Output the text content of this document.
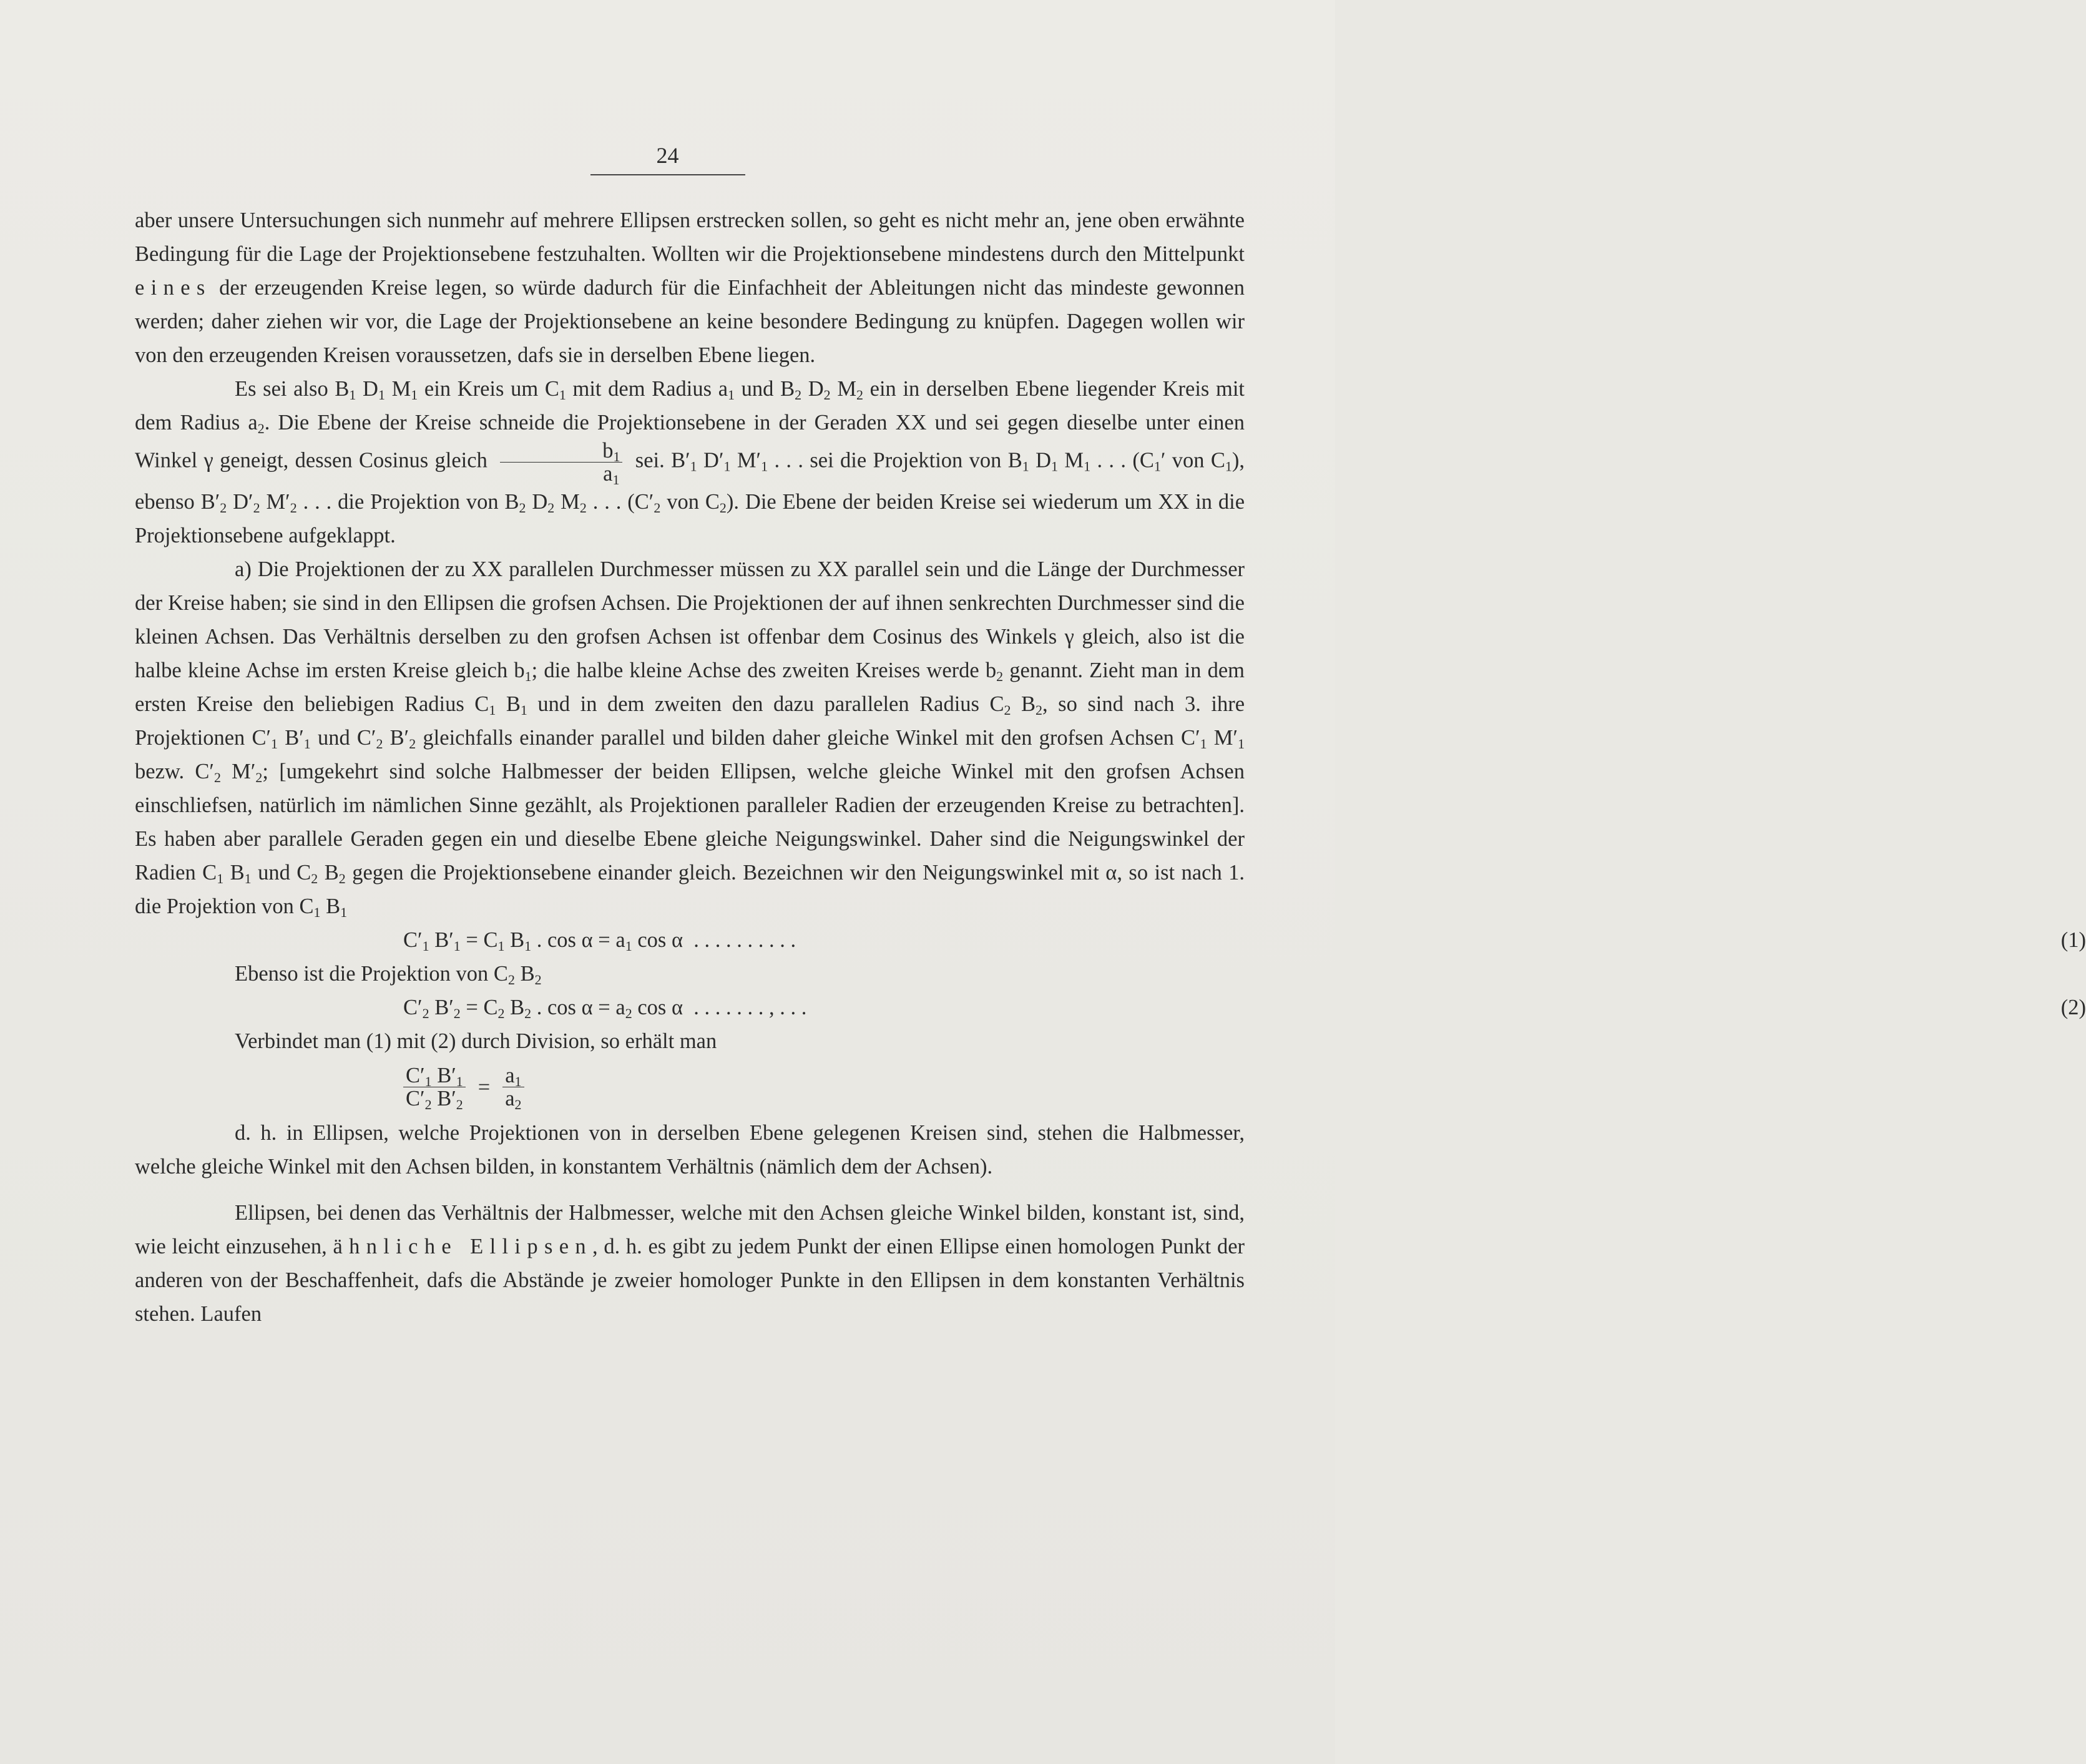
24

aber unsere Untersuchungen sich nunmehr auf mehrere Ellipsen erstrecken sollen, so geht es nicht mehr an, jene oben erwähnte Bedingung für die Lage der Projektionsebene festzuhalten. Wollten wir die Projektionsebene mindestens durch den Mittelpunkt eines der erzeugenden Kreise legen, so würde dadurch für die Einfachheit der Ableitungen nicht das mindeste gewonnen werden; daher ziehen wir vor, die Lage der Projektionsebene an keine besondere Bedingung zu knüpfen. Dagegen wollen wir von den erzeugenden Kreisen voraussetzen, dafs sie in derselben Ebene liegen.

Es sei also $B_1$ $D_1$ $M_1$ ein Kreis um $C_1$ mit dem Radius $a_1$ und $B_2$ $D_2$ $M_2$ ein in derselben Ebene liegender Kreis mit dem Radius $a_2$. Die Ebene der Kreise schneide die Projektionsebene in der Geraden XX und sei gegen dieselbe unter einen Winkel γ geneigt, dessen Cosinus gleich $\frac{b_1}{a_1}$ sei. $B'_1$ $D'_1$ $M'_1$ . . . sei die Projektion von $B_1$ $D_1$ $M_1$ . . . ($C_1'$ von $C_1$), ebenso $B'_2$ $D'_2$ $M'_2$ . . . die Projektion von $B_2$ $D_2$ $M_2$ . . . ($C'_2$ von $C_2$). Die Ebene der beiden Kreise sei wiederum um XX in die Projektionsebene aufgeklappt.

a) Die Projektionen der zu XX parallelen Durchmesser müssen zu XX parallel sein und die Länge der Durchmesser der Kreise haben; sie sind in den Ellipsen die grofsen Achsen. Die Projektionen der auf ihnen senkrechten Durchmesser sind die kleinen Achsen. Das Verhältnis derselben zu den grofsen Achsen ist offenbar dem Cosinus des Winkels γ gleich, also ist die halbe kleine Achse im ersten Kreise gleich $b_1$; die halbe kleine Achse des zweiten Kreises werde $b_2$ genannt. Zieht man in dem ersten Kreise den beliebigen Radius $C_1$ $B_1$ und in dem zweiten den dazu parallelen Radius $C_2$ $B_2$, so sind nach 3. ihre Projektionen $C'_1$ $B'_1$ und $C'_2$ $B'_2$ gleichfalls einander parallel und bilden daher gleiche Winkel mit den grofsen Achsen $C'_1$ $M'_1$ bezw. $C'_2$ $M'_2$; [umgekehrt sind solche Halbmesser der beiden Ellipsen, welche gleiche Winkel mit den grofsen Achsen einschliefsen, natürlich im nämlichen Sinne gezählt, als Projektionen paralleler Radien der erzeugenden Kreise zu betrachten]. Es haben aber parallele Geraden gegen ein und dieselbe Ebene gleiche Neigungswinkel. Daher sind die Neigungswinkel der Radien $C_1$ $B_1$ und $C_2$ $B_2$ gegen die Projektionsebene einander gleich. Bezeichnen wir den Neigungswinkel mit α, so ist nach 1. die Projektion von $C_1$ $B_1$

$C'_1$ $B'_1 = C_1$ $B_1$ . $\cos \alpha = a_1$ cos α  . . . . . . . . . .	(1)

Ebenso ist die Projektion von $C_2$ $B_2$

$C'_2$ $B'_2 = C_2$ $B_2$ . $\cos \alpha = a_2$ cos α  . . . . . . . , . . .	(2)

Verbindet man (1) mit (2) durch Division, so erhält man

$\frac{C'_1 B'_1}{C'_2 B'_2} = \frac{a_1}{a_2}$

d. h. in Ellipsen, welche Projektionen von in derselben Ebene gelegenen Kreisen sind, stehen die Halbmesser, welche gleiche Winkel mit den Achsen bilden, in konstantem Verhältnis (nämlich dem der Achsen).

Ellipsen, bei denen das Verhältnis der Halbmesser, welche mit den Achsen gleiche Winkel bilden, konstant ist, sind, wie leicht einzusehen, ähnliche Ellipsen, d. h. es gibt zu jedem Punkt der einen Ellipse einen homologen Punkt der anderen von der Beschaffenheit, dafs die Abstände je zweier homologer Punkte in den Ellipsen in dem konstanten Verhältnis stehen. Laufen
